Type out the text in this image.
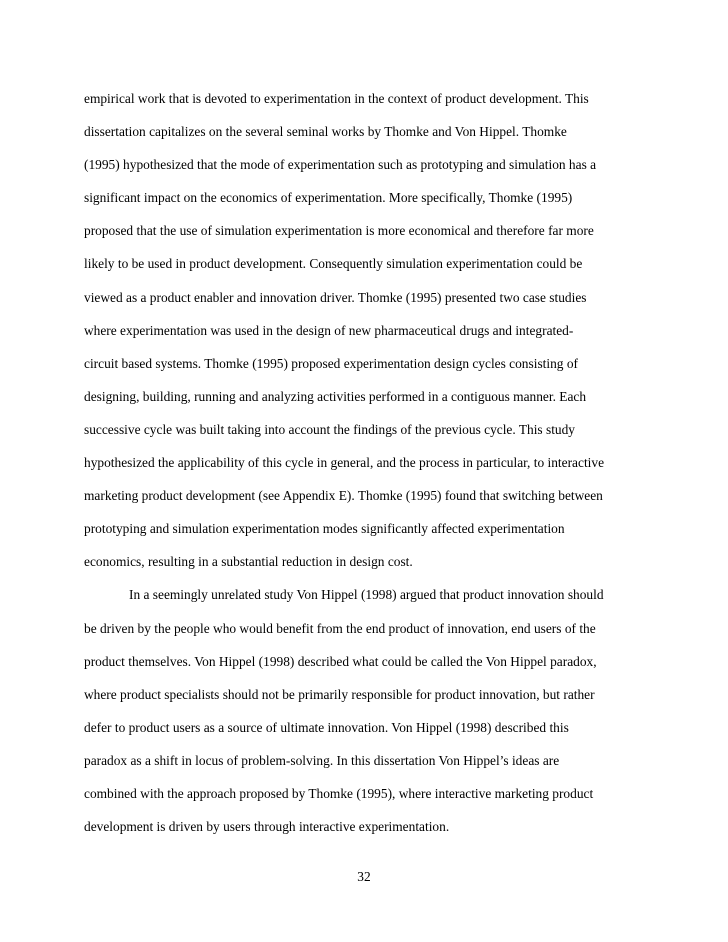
empirical work that is devoted to experimentation in the context of product development. This
dissertation capitalizes on the several seminal works by Thomke and Von Hippel. Thomke
(1995) hypothesized that the mode of experimentation such as prototyping and simulation has a
significant impact on the economics of experimentation. More specifically, Thomke (1995)
proposed that the use of simulation experimentation is more economical and therefore far more
likely to be used in product development. Consequently simulation experimentation could be
viewed as a product enabler and innovation driver. Thomke (1995) presented two case studies
where experimentation was used in the design of new pharmaceutical drugs and integrated-
circuit based systems. Thomke (1995) proposed experimentation design cycles consisting of
designing, building, running and analyzing activities performed in a contiguous manner. Each
successive cycle was built taking into account the findings of the previous cycle. This study
hypothesized the applicability of this cycle in general, and the process in particular, to interactive
marketing product development (see Appendix E). Thomke (1995) found that switching between
prototyping and simulation experimentation modes significantly affected experimentation
economics, resulting in a substantial reduction in design cost.
In a seemingly unrelated study Von Hippel (1998) argued that product innovation should
be driven by the people who would benefit from the end product of innovation, end users of the
product themselves. Von Hippel (1998) described what could be called the Von Hippel paradox,
where product specialists should not be primarily responsible for product innovation, but rather
defer to product users as a source of ultimate innovation. Von Hippel (1998) described this
paradox as a shift in locus of problem-solving. In this dissertation Von Hippel’s ideas are
combined with the approach proposed by Thomke (1995), where interactive marketing product
development is driven by users through interactive experimentation.
32
